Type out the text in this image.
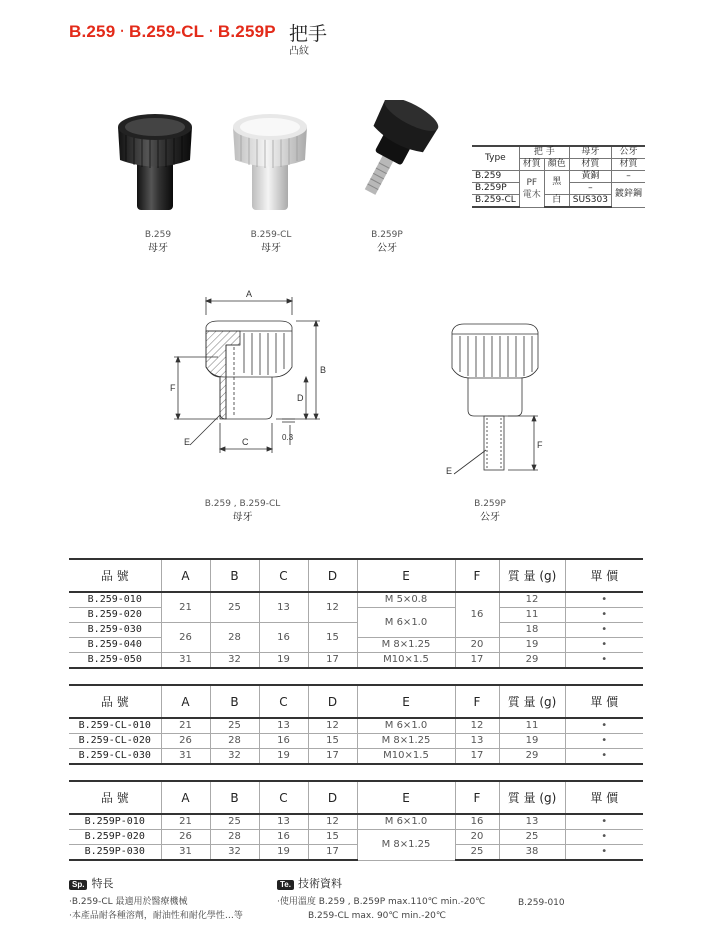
B.259 ‧ B.259-CL ‧ B.259P 把手
凸紋
B.259
母牙
B.259-CL
母牙
B.259P
公牙
Type	把 手		母牙	公牙
	材質	顏色	材質	材質
B.259	PF 電木	黑	黃銅	–
B.259P			–	鍍鋅鋼
B.259-CL		白	SUS303	
A
B
D
F
C
E	0.3
F
E
B.259 , B.259-CL
母牙
B.259P
公牙
品 號	A	B	C	D	E	F	質 量 (g)	單 價
B.259-010	21	25	13	12	M 5×0.8	16	12	•
B.259-020					M 6×1.0		11	•
B.259-030	26	28	16	15			18	•
B.259-040					M 8×1.25	20	19	•
B.259-050	31	32	19	17	M10×1.5	17	29	•
品 號	A	B	C	D	E	F	質 量 (g)	單 價
B.259-CL-010	21	25	13	12	M 6×1.0	12	11	•
B.259-CL-020	26	28	16	15	M 8×1.25	13	19	•
B.259-CL-030	31	32	19	17	M10×1.5	17	29	•
品 號	A	B	C	D	E	F	質 量 (g)	單 價
B.259P-010	21	25	13	12	M 6×1.0	16	13	•
B.259P-020	26	28	16	15	M 8×1.25	20	25	•
B.259P-030	31	32	19	17		25	38	•
Sp. 特長
‧B.259-CL 最適用於醫療機械
‧本產品耐各種溶劑，耐油性和耐化學性…等
Te. 技術資料
‧使用溫度 B.259 , B.259P max.110℃ min.-20℃
B.259-CL max. 90℃ min.-20℃
B.259-010
